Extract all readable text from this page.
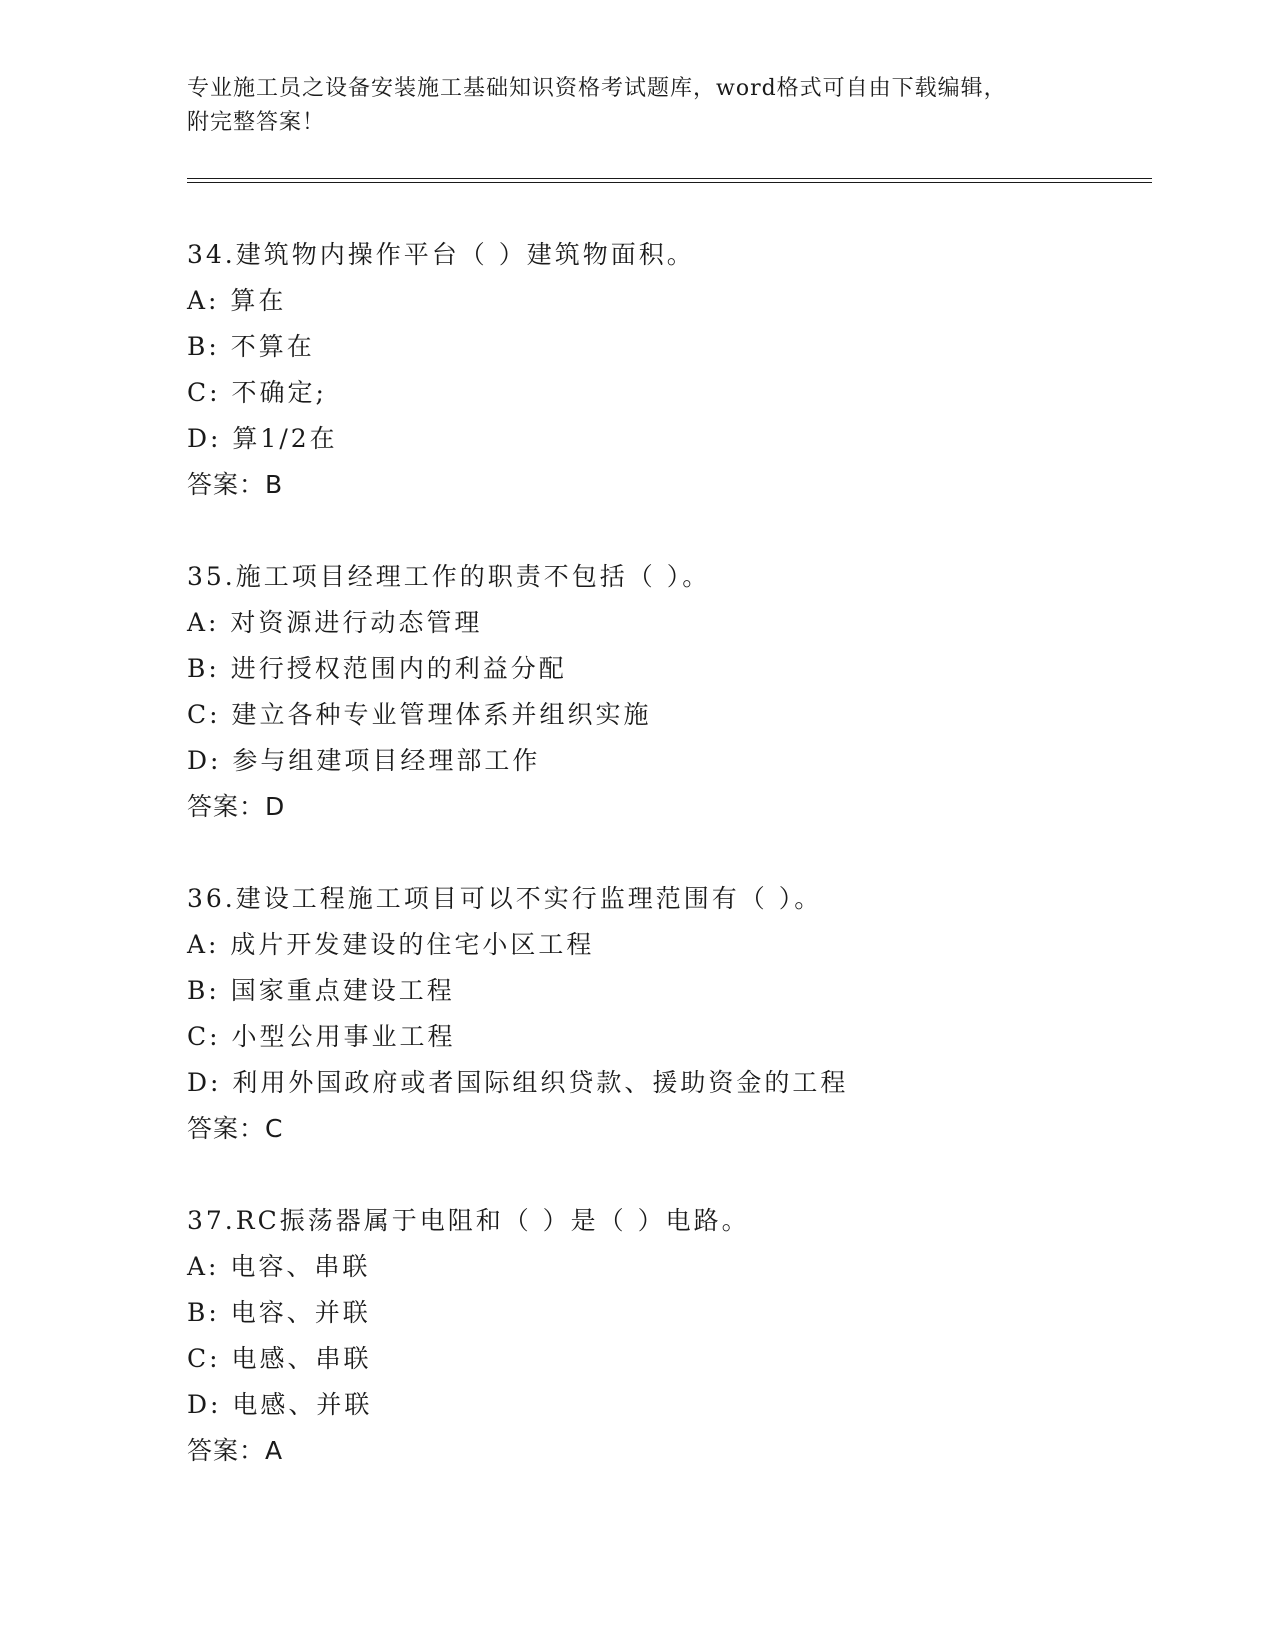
专业施工员之设备安装施工基础知识资格考试题库，word格式可自由下载编辑，
附完整答案！
34.建筑物内操作平台（ ）建筑物面积。
A: 算在
B: 不算在
C: 不确定;
D: 算1/2在
答案：B
35.施工项目经理工作的职责不包括（ ）。
A: 对资源进行动态管理
B: 进行授权范围内的利益分配
C: 建立各种专业管理体系并组织实施
D: 参与组建项目经理部工作
答案：D
36.建设工程施工项目可以不实行监理范围有（ ）。
A: 成片开发建设的住宅小区工程
B: 国家重点建设工程
C: 小型公用事业工程
D: 利用外国政府或者国际组织贷款、援助资金的工程
答案：C
37.RC振荡器属于电阻和（ ）是（ ）电路。
A: 电容、串联
B: 电容、并联
C: 电感、串联
D: 电感、并联
答案：A
